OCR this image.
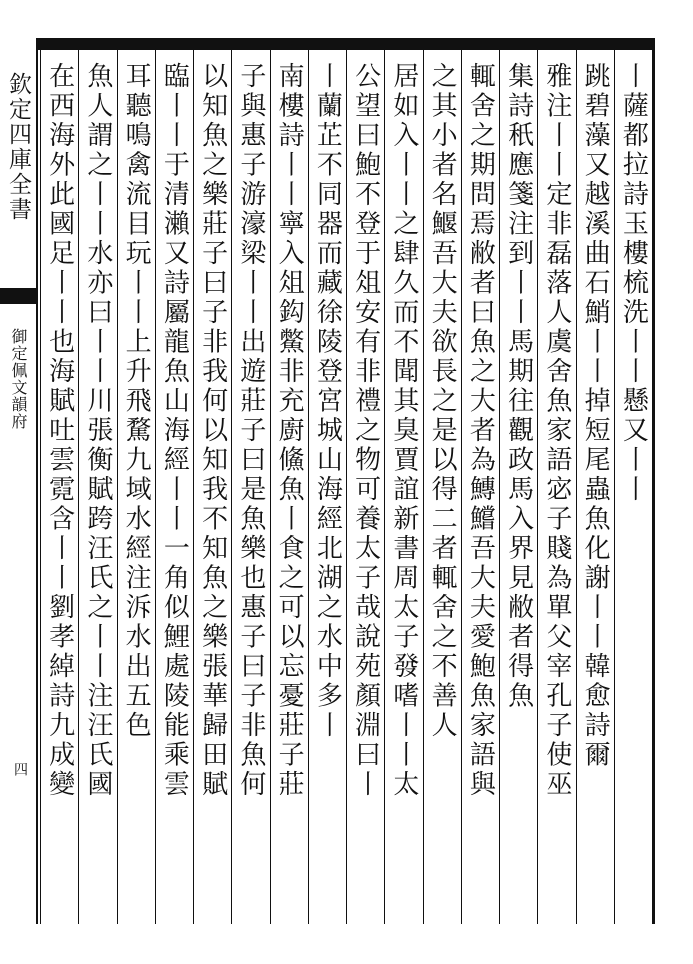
欽定四庫全書
御定佩文韻府
四
丨薩都拉詩玉樓梳洗丨丨懸又丨丨
跳碧藻又越溪曲石鮹丨丨掉短尾蟲魚化謝丨丨韓愈詩爾
雅注丨丨定非磊落人虞舍魚家語宓子賤為單父宰孔子使巫
集詩秖應箋注到丨丨馬期往觀政馬入界見敝者得魚
輒舍之期問焉敝者曰魚之大者為鱄鱨吾大夫愛鮑魚家語與
之其小者名鰋吾大夫欲長之是以得二者輒舍之不善人
居如入丨丨之肆久而不聞其臭賈誼新書周太子發嗜丨丨太
公望曰鮑不登于俎安有非禮之物可養太子哉說苑顏淵曰丨
丨蘭芷不同器而藏徐陵登宮城山海經北湖之水中多丨
南樓詩丨丨寧入俎鈎鱉非充廚鯈魚丨食之可以忘憂莊子莊
子與惠子游濠梁丨丨出遊莊子曰是魚樂也惠子曰子非魚何
以知魚之樂莊子曰子非我何以知我不知魚之樂張華歸田賦
臨丨丨于清瀨又詩屬龍魚山海經丨丨一角似鯉處陵能乘雲
耳聽鳴禽流目玩丨丨上升飛騖九域水經注泝水出五色
魚人謂之丨丨水亦曰丨丨川張衡賦跨汪氏之丨丨注汪氏國
在西海外此國足丨丨也海賦吐雲霓含丨丨劉孝綽詩九成變
